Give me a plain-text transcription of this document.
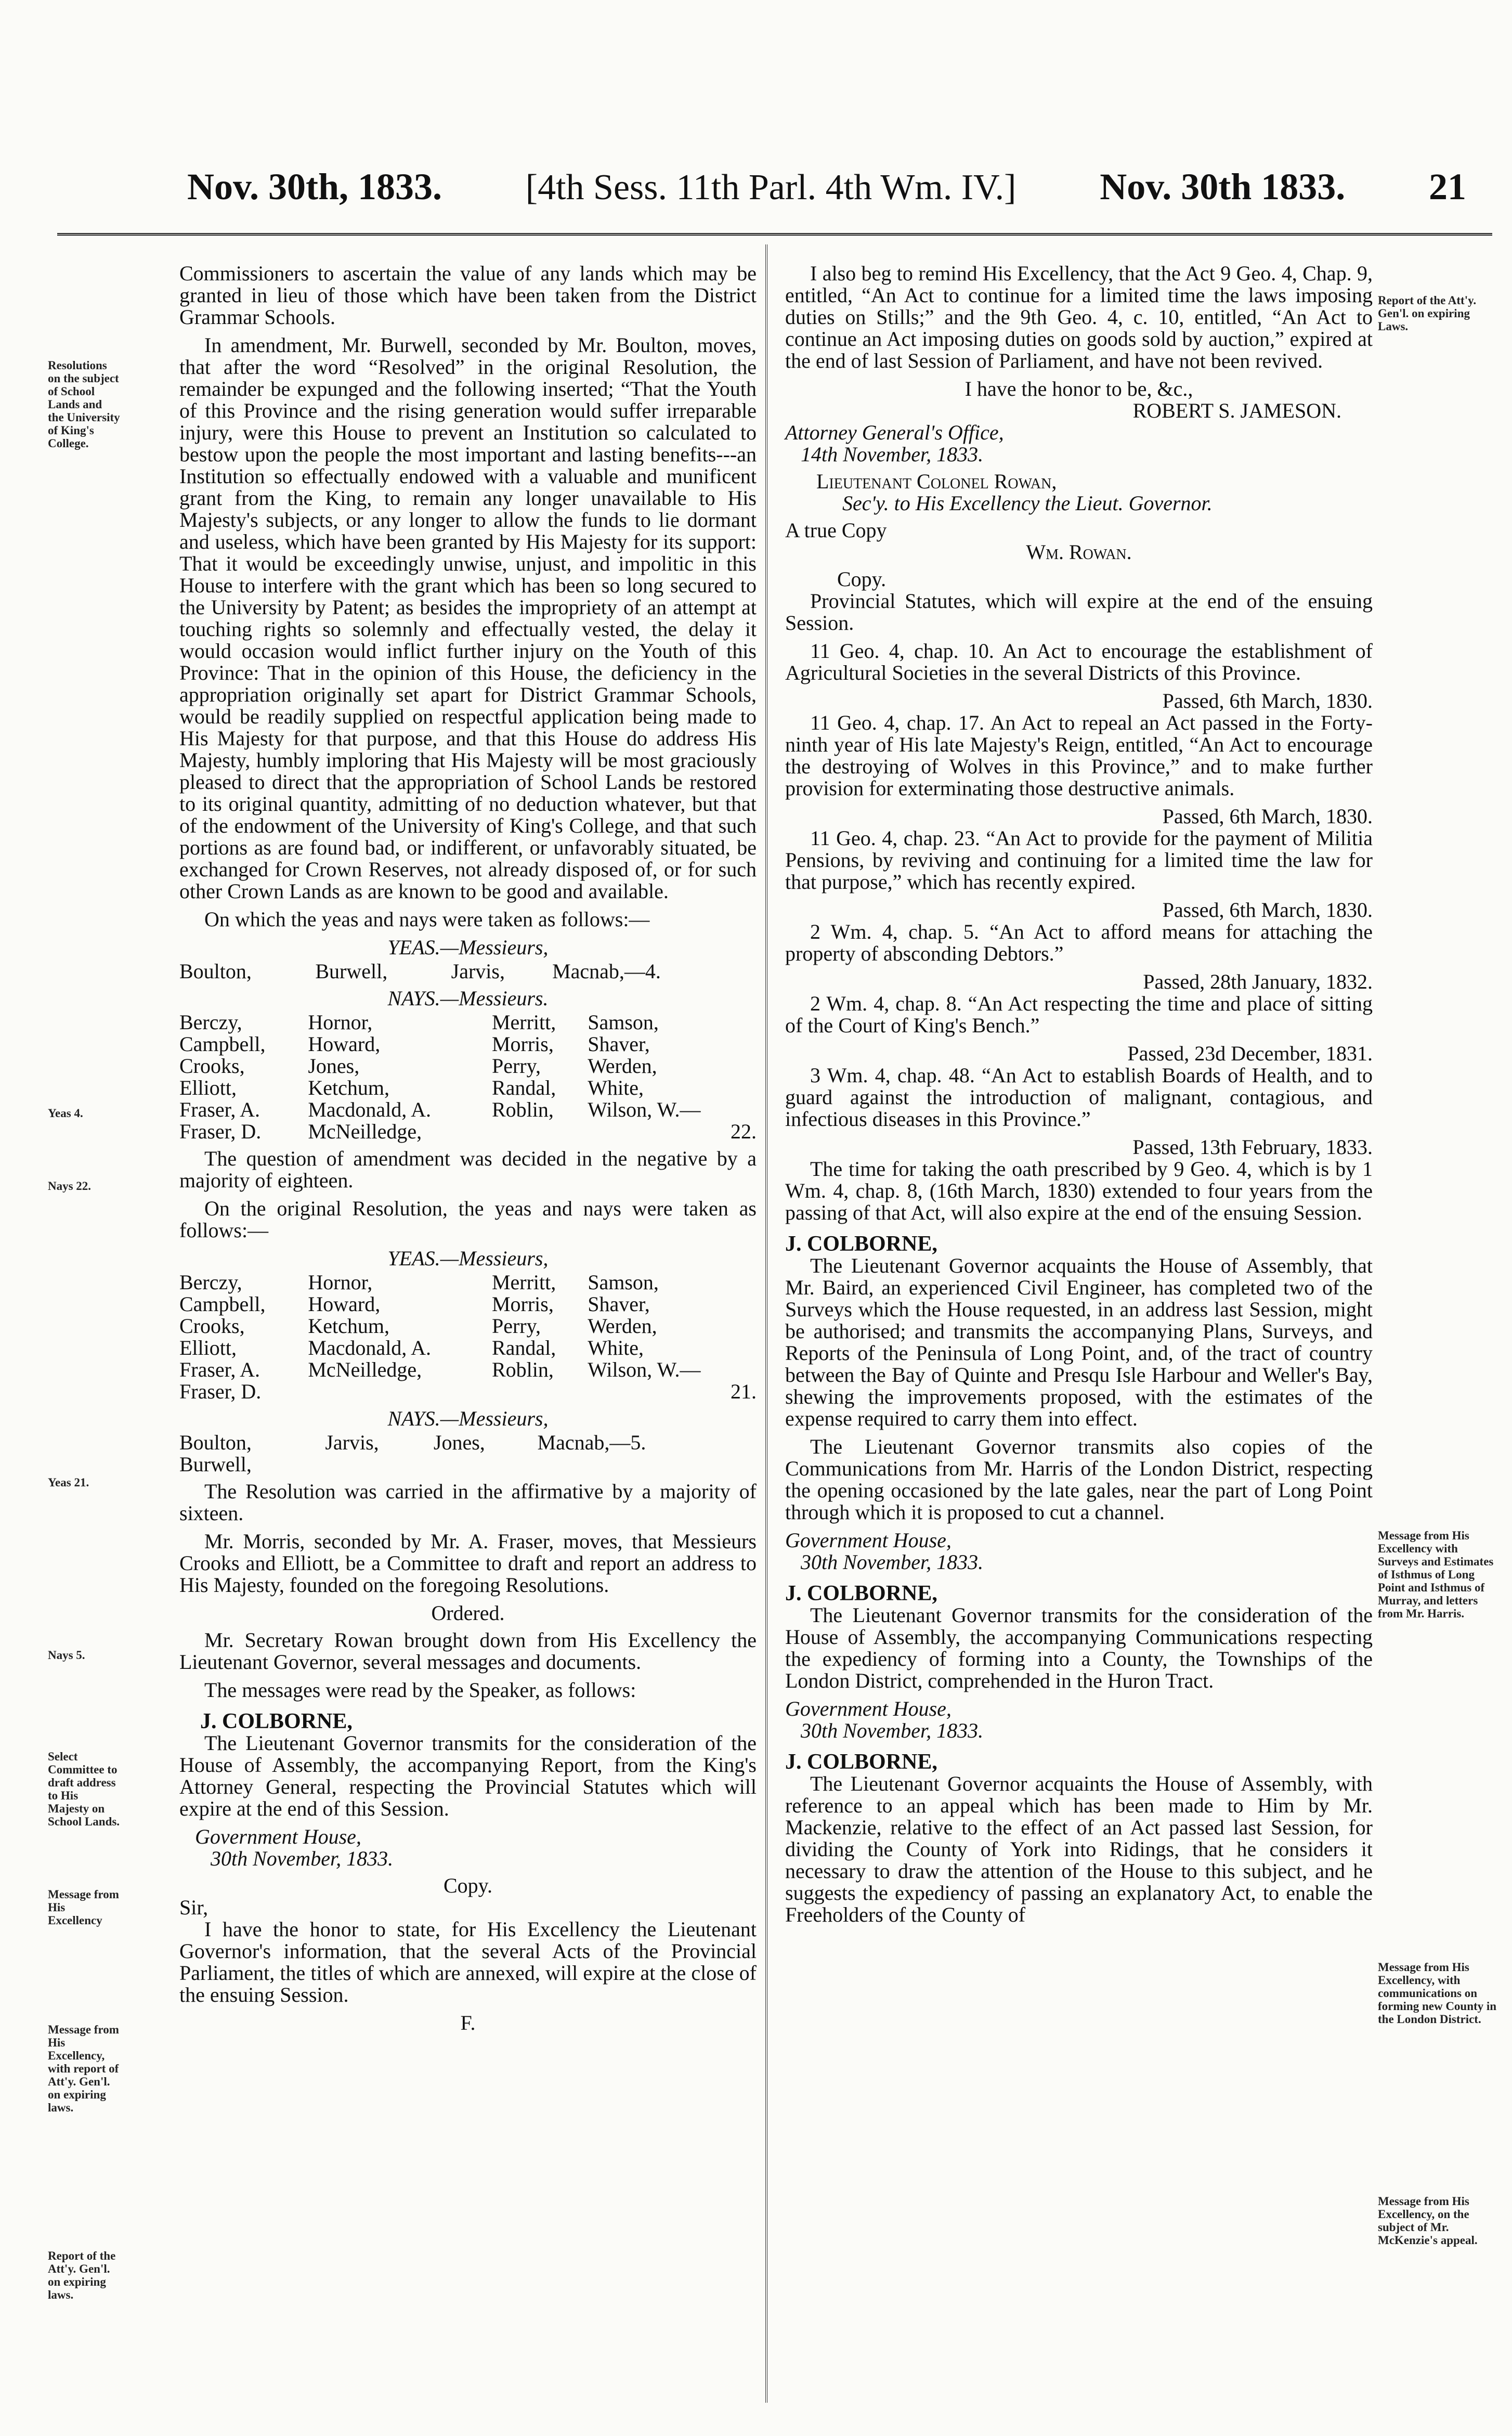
Nov. 30th, 1833. [4th Sess. 11th Parl. 4th Wm. IV.] Nov. 30th 1833. 21
Resolutions on the subject of School Lands and the University of King's College.
Yeas 4.
Nays 22.
Yeas 21.
Nays 5.
Select Committee to draft address to His Majesty on School Lands.
Message from His Excellency
Message from His Excellency, with report of Att'y. Gen'l. on expiring laws.
Report of the Att'y. Gen'l. on expiring laws.
Report of the Att'y. Gen'l. on expiring Laws.
Message from His Excellency with Surveys and Estimates of Isthmus of Long Point and Isthmus of Murray, and letters from Mr. Harris.
Message from His Excellency, with communications on forming new County in the London District.
Message from His Excellency, on the subject of Mr. McKenzie's appeal.

Commissioners to ascertain the value of any lands which may be granted in lieu of those which have been taken from the District Grammar Schools.

In amendment, Mr. Burwell, seconded by Mr. Boulton, moves, that after the word “Resolved” in the original Resolution, the remainder be expunged and the following inserted; “That the Youth of this Province and the rising generation would suffer irreparable injury, were this House to prevent an Institution so calculated to bestow upon the people the most important and lasting benefits---an Institution so effectually endowed with a valuable and munificent grant from the King, to remain any longer unavailable to His Majesty's subjects, or any longer to allow the funds to lie dormant and useless, which have been granted by His Majesty for its support: That it would be exceedingly unwise, unjust, and impolitic in this House to interfere with the grant which has been so long secured to the University by Patent; as besides the impropriety of an attempt at touching rights so solemnly and effectually vested, the delay it would occasion would inflict further injury on the Youth of this Province: That in the opinion of this House, the deficiency in the appropriation originally set apart for District Grammar Schools, would be readily supplied on respectful application being made to His Majesty for that purpose, and that this House do address His Majesty, humbly imploring that His Majesty will be most graciously pleased to direct that the appropriation of School Lands be restored to its original quantity, admitting of no deduction whatever, but that of the endowment of the University of King's College, and that such portions as are found bad, or indifferent, or unfavorably situated, be exchanged for Crown Reserves, not already disposed of, or for such other Crown Lands as are known to be good and available.

On which the yeas and nays were taken as follows:—

YEAS.—Messieurs,
Boulton,	Burwell,	Jarvis,	Macnab,—4.
NAYS.—Messieurs.
Berczy,	Hornor,	Merritt,	Samson,
Campbell,	Howard,	Morris,	Shaver,
Crooks,	Jones,	Perry,	Werden,
Elliott,	Ketchum,	Randal,	White,
Fraser, A.	Macdonald, A.	Roblin,	Wilson, W.—
Fraser, D.	McNeilledge,		22.

The question of amendment was decided in the negative by a majority of eighteen.

On the original Resolution, the yeas and nays were taken as follows:—

YEAS.—Messieurs,
Berczy,	Hornor,	Merritt,	Samson,
Campbell,	Howard,	Morris,	Shaver,
Crooks,	Ketchum,	Perry,	Werden,
Elliott,	Macdonald, A.	Randal,	White,
Fraser, A.	McNeilledge,	Roblin,	Wilson, W.—
Fraser, D.			21.
NAYS.—Messieurs,
Boulton,	Jarvis,	Jones,	Macnab,—5.
Burwell,			

The Resolution was carried in the affirmative by a majority of sixteen.

Mr. Morris, seconded by Mr. A. Fraser, moves, that Messieurs Crooks and Elliott, be a Committee to draft and report an address to His Majesty, founded on the foregoing Resolutions.

Ordered.

Mr. Secretary Rowan brought down from His Excellency the Lieutenant Governor, several messages and documents.

The messages were read by the Speaker, as follows:

J. COLBORNE,

The Lieutenant Governor transmits for the consideration of the House of Assembly, the accompanying Report, from the King's Attorney General, respecting the Provincial Statutes which will expire at the end of this Session.

Government House,
30th November, 1833.
Copy.
Sir,

I have the honor to state, for His Excellency the Lieutenant Governor's information, that the several Acts of the Provincial Parliament, the titles of which are annexed, will expire at the close of the ensuing Session.

F.

I also beg to remind His Excellency, that the Act 9 Geo. 4, Chap. 9, entitled, “An Act to continue for a limited time the laws imposing duties on Stills;” and the 9th Geo. 4, c. 10, entitled, “An Act to continue an Act imposing duties on goods sold by auction,” expired at the end of last Session of Parliament, and have not been revived.

I have the honor to be, &c.,
ROBERT S. JAMESON.
Attorney General's Office,
14th November, 1833.
Lieutenant Colonel Rowan,
Sec'y. to His Excellency the Lieut. Governor.
A true Copy
Wm. Rowan.
Copy.

Provincial Statutes, which will expire at the end of the ensuing Session.

11 Geo. 4, chap. 10. An Act to encourage the establishment of Agricultural Societies in the several Districts of this Province.

Passed, 6th March, 1830.

11 Geo. 4, chap. 17. An Act to repeal an Act passed in the Forty-ninth year of His late Majesty's Reign, entitled, “An Act to encourage the destroying of Wolves in this Province,” and to make further provision for exterminating those destructive animals.

Passed, 6th March, 1830.

11 Geo. 4, chap. 23. “An Act to provide for the payment of Militia Pensions, by reviving and continuing for a limited time the law for that purpose,” which has recently expired.

Passed, 6th March, 1830.

2 Wm. 4, chap. 5. “An Act to afford means for attaching the property of absconding Debtors.”

Passed, 28th January, 1832.

2 Wm. 4, chap. 8. “An Act respecting the time and place of sitting of the Court of King's Bench.”

Passed, 23d December, 1831.

3 Wm. 4, chap. 48. “An Act to establish Boards of Health, and to guard against the introduction of malignant, contagious, and infectious diseases in this Province.”

Passed, 13th February, 1833.

The time for taking the oath prescribed by 9 Geo. 4, which is by 1 Wm. 4, chap. 8, (16th March, 1830) extended to four years from the passing of that Act, will also expire at the end of the ensuing Session.

J. COLBORNE,

The Lieutenant Governor acquaints the House of Assembly, that Mr. Baird, an experienced Civil Engineer, has completed two of the Surveys which the House requested, in an address last Session, might be authorised; and transmits the accompanying Plans, Surveys, and Reports of the Peninsula of Long Point, and, of the tract of country between the Bay of Quinte and Presqu Isle Harbour and Weller's Bay, shewing the improvements proposed, with the estimates of the expense required to carry them into effect.

The Lieutenant Governor transmits also copies of the Communications from Mr. Harris of the London District, respecting the opening occasioned by the late gales, near the part of Long Point through which it is proposed to cut a channel.

Government House,
30th November, 1833.
J. COLBORNE,

The Lieutenant Governor transmits for the consideration of the House of Assembly, the accompanying Communications respecting the expediency of forming into a County, the Townships of the London District, comprehended in the Huron Tract.

Government House,
30th November, 1833.
J. COLBORNE,

The Lieutenant Governor acquaints the House of Assembly, with reference to an appeal which has been made to Him by Mr. Mackenzie, relative to the effect of an Act passed last Session, for dividing the County of York into Ridings, that he considers it necessary to draw the attention of the House to this subject, and he suggests the expediency of passing an explanatory Act, to enable the Freeholders of the County of
